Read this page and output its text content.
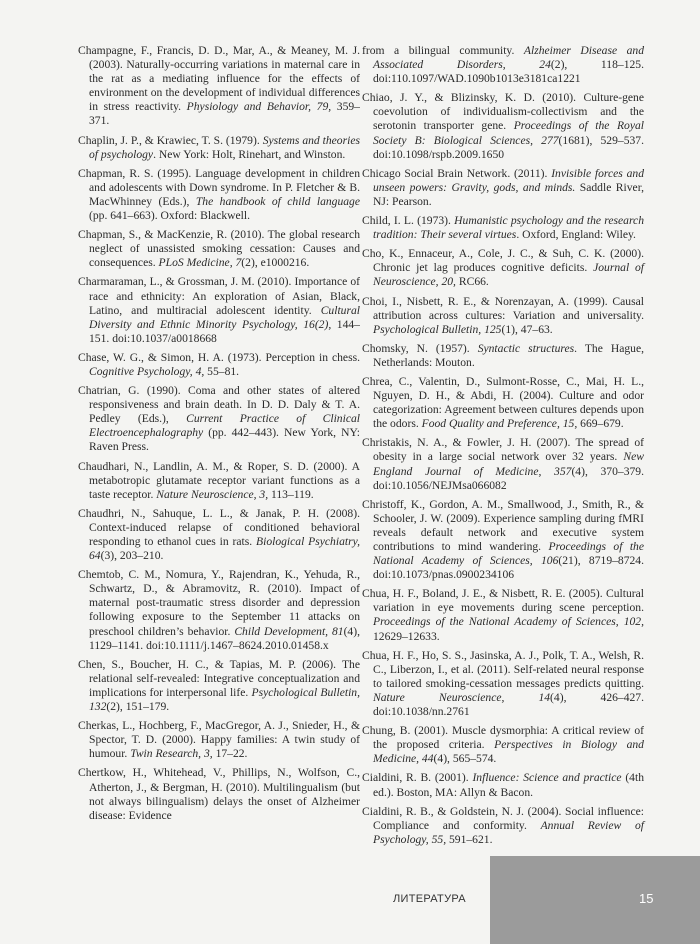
Champagne, F., Francis, D. D., Mar, A., & Meaney, M. J. (2003). Naturally-occurring variations in maternal care in the rat as a mediating influence for the effects of environment on the development of individual differences in stress reactivity. Physiology and Behavior, 79, 359–371.

Chaplin, J. P., & Krawiec, T. S. (1979). Systems and theories of psychology. New York: Holt, Rinehart, and Winston.

Chapman, R. S. (1995). Language development in children and adolescents with Down syndrome. In P. Fletcher & B. MacWhinney (Eds.), The handbook of child language (pp. 641–663). Oxford: Blackwell.

Chapman, S., & MacKenzie, R. (2010). The global research neglect of unassisted smoking cessation: Causes and consequences. PLoS Medicine, 7(2), e1000216.

Charmaraman, L., & Grossman, J. M. (2010). Importance of race and ethnicity: An exploration of Asian, Black, Latino, and multiracial adolescent identity. Cultural Diversity and Ethnic Minority Psychology, 16(2), 144–151. doi:10.1037/a0018668

Chase, W. G., & Simon, H. A. (1973). Perception in chess. Cognitive Psychology, 4, 55–81.

Chatrian, G. (1990). Coma and other states of altered responsiveness and brain death. In D. D. Daly & T. A. Pedley (Eds.), Current Practice of Clinical Electroencephalography (pp. 442–443). New York, NY: Raven Press.

Chaudhari, N., Landlin, A. M., & Roper, S. D. (2000). A metabotropic glutamate receptor variant functions as a taste receptor. Nature Neuroscience, 3, 113–119.

Chaudhri, N., Sahuque, L. L., & Janak, P. H. (2008). Context-induced relapse of conditioned behavioral responding to ethanol cues in rats. Biological Psychiatry, 64(3), 203–210.

Chemtob, C. M., Nomura, Y., Rajendran, K., Yehuda, R., Schwartz, D., & Abramovitz, R. (2010). Impact of maternal post-traumatic stress disorder and depression following exposure to the September 11 attacks on preschool children’s behavior. Child Development, 81(4), 1129–1141. doi:10.1111/j.1467–8624.2010.01458.x

Chen, S., Boucher, H. C., & Tapias, M. P. (2006). The relational self-revealed: Integrative conceptualization and implications for interpersonal life. Psychological Bulletin, 132(2), 151–179.

Cherkas, L., Hochberg, F., MacGregor, A. J., Snieder, H., & Spector, T. D. (2000). Happy families: A twin study of humour. Twin Research, 3, 17–22.

Chertkow, H., Whitehead, V., Phillips, N., Wolfson, C., Atherton, J., & Bergman, H. (2010). Multilingualism (but not always bilingualism) delays the onset of Alzheimer disease: Evidence

from a bilingual community. Alzheimer Disease and Associated Disorders, 24(2), 118–125. doi:110.1097/WAD.1090b1013e3181ca1221

Chiao, J. Y., & Blizinsky, K. D. (2010). Culture-gene coevolution of individualism-collectivism and the serotonin transporter gene. Proceedings of the Royal Society B: Biological Sciences, 277(1681), 529–537. doi:10.1098/rspb.2009.1650

Chicago Social Brain Network. (2011). Invisible forces and unseen powers: Gravity, gods, and minds. Saddle River, NJ: Pearson.

Child, I. L. (1973). Humanistic psychology and the research tradition: Their several virtues. Oxford, England: Wiley.

Cho, K., Ennaceur, A., Cole, J. C., & Suh, C. K. (2000). Chronic jet lag produces cognitive deficits. Journal of Neuroscience, 20, RC66.

Choi, I., Nisbett, R. E., & Norenzayan, A. (1999). Causal attribution across cultures: Variation and universality. Psychological Bulletin, 125(1), 47–63.

Chomsky, N. (1957). Syntactic structures. The Hague, Netherlands: Mouton.

Chrea, C., Valentin, D., Sulmont-Rosse, C., Mai, H. L., Nguyen, D. H., & Abdi, H. (2004). Culture and odor categorization: Agreement between cultures depends upon the odors. Food Quality and Preference, 15, 669–679.

Christakis, N. A., & Fowler, J. H. (2007). The spread of obesity in a large social network over 32 years. New England Journal of Medicine, 357(4), 370–379. doi:10.1056/NEJMsa066082

Christoff, K., Gordon, A. M., Smallwood, J., Smith, R., & Schooler, J. W. (2009). Experience sampling during fMRI reveals default network and executive system contributions to mind wandering. Proceedings of the National Academy of Sciences, 106(21), 8719–8724. doi:10.1073/pnas.0900234106

Chua, H. F., Boland, J. E., & Nisbett, R. E. (2005). Cultural variation in eye movements during scene perception. Proceedings of the National Academy of Sciences, 102, 12629–12633.

Chua, H. F., Ho, S. S., Jasinska, A. J., Polk, T. A., Welsh, R. C., Liberzon, I., et al. (2011). Self-related neural response to tailored smoking-cessation messages predicts quitting. Nature Neuroscience, 14(4), 426–427. doi:10.1038/nn.2761

Chung, B. (2001). Muscle dysmorphia: A critical review of the proposed criteria. Perspectives in Biology and Medicine, 44(4), 565–574.

Cialdini, R. B. (2001). Influence: Science and practice (4th ed.). Boston, MA: Allyn & Bacon.

Cialdini, R. B., & Goldstein, N. J. (2004). Social influence: Compliance and conformity. Annual Review of Psychology, 55, 591–621.

ЛИТЕРАТУРА	15
